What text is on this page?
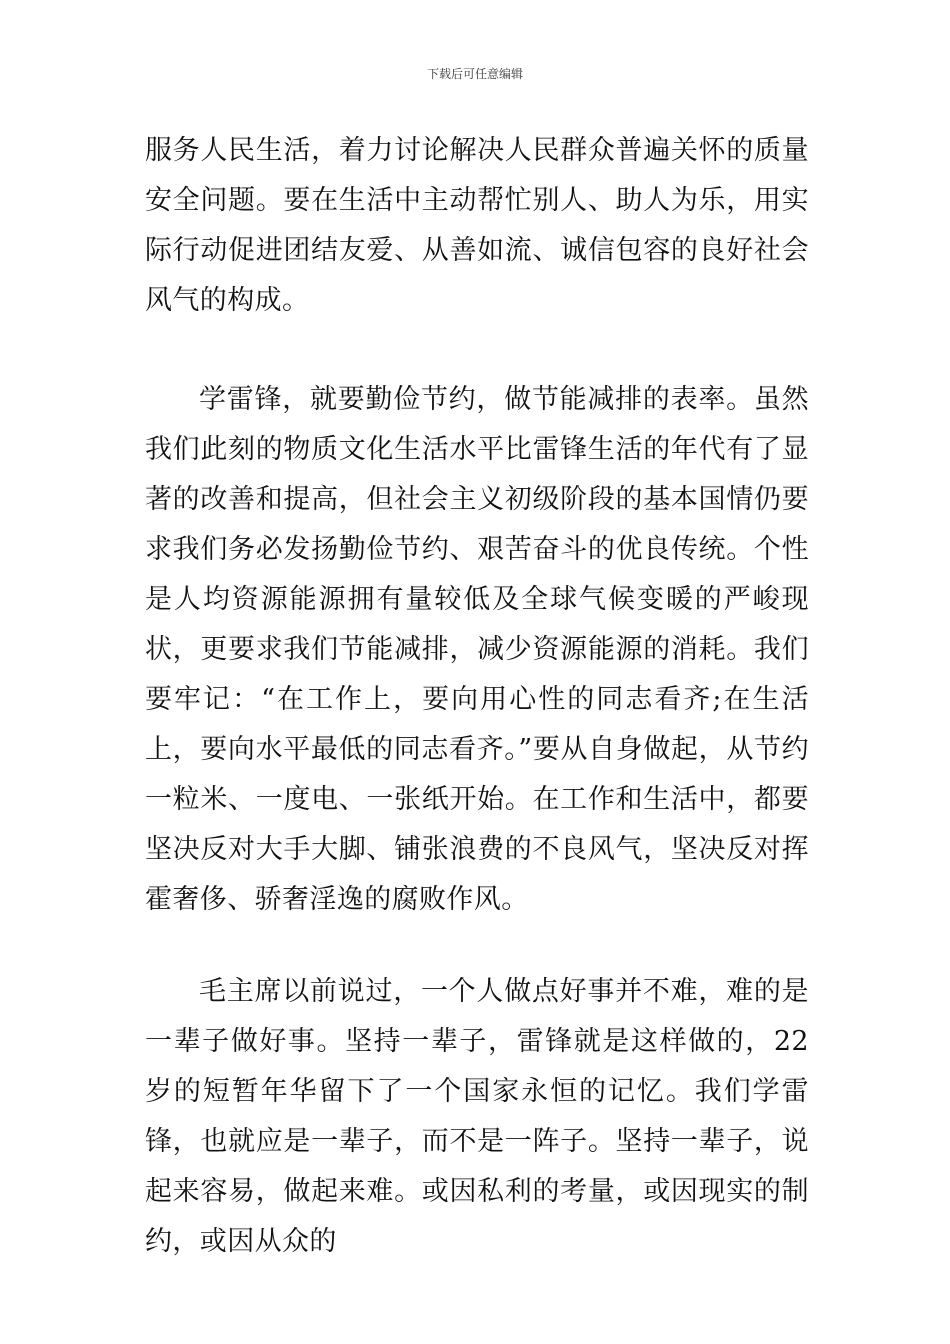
下载后可任意编辑

服务人民生活，着力讨论解决人民群众普遍关怀的质量安全问题。要在生活中主动帮忙别人、助人为乐，用实际行动促进团结友爱、从善如流、诚信包容的良好社会风气的构成。

学雷锋，就要勤俭节约，做节能减排的表率。虽然我们此刻的物质文化生活水平比雷锋生活的年代有了显著的改善和提高，但社会主义初级阶段的基本国情仍要求我们务必发扬勤俭节约、艰苦奋斗的优良传统。个性是人均资源能源拥有量较低及全球气候变暖的严峻现状，更要求我们节能减排，减少资源能源的消耗。我们要牢记：“在工作上，要向用心性的同志看齐;在生活上，要向水平最低的同志看齐。”要从自身做起，从节约一粒米、一度电、一张纸开始。在工作和生活中，都要坚决反对大手大脚、铺张浪费的不良风气，坚决反对挥霍奢侈、骄奢淫逸的腐败作风。

毛主席以前说过，一个人做点好事并不难，难的是一辈子做好事。坚持一辈子，雷锋就是这样做的，22岁的短暂年华留下了一个国家永恒的记忆。我们学雷锋，也就应是一辈子，而不是一阵子。坚持一辈子，说起来容易，做起来难。或因私利的考量，或因现实的制约，或因从众的
